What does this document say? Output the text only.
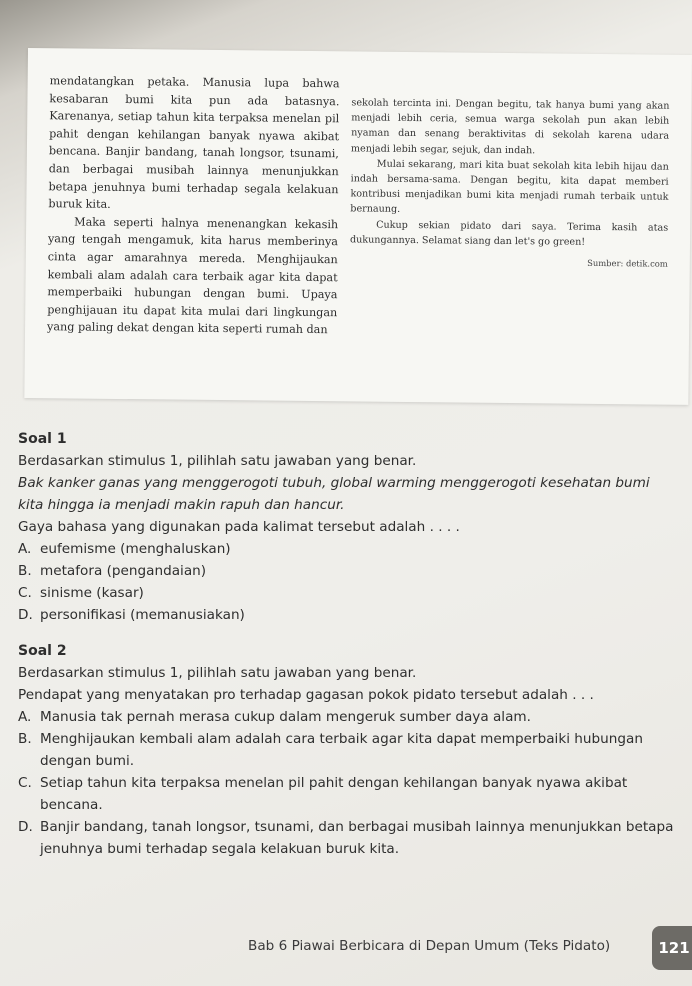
mendatangkan petaka. Manusia lupa bahwa kesabaran bumi kita pun ada batasnya. Karenanya, setiap tahun kita terpaksa menelan pil pahit dengan kehilangan banyak nyawa akibat bencana. Banjir bandang, tanah longsor, tsunami, dan berbagai musibah lainnya menunjukkan betapa jenuhnya bumi terhadap segala kelakuan buruk kita.

Maka seperti halnya menenangkan kekasih yang tengah mengamuk, kita harus memberinya cinta agar amarahnya mereda. Menghijaukan kembali alam adalah cara terbaik agar kita dapat memperbaiki hubungan dengan bumi. Upaya penghijauan itu dapat kita mulai dari lingkungan yang paling dekat dengan kita seperti rumah dan

sekolah tercinta ini. Dengan begitu, tak hanya bumi yang akan menjadi lebih ceria, semua warga sekolah pun akan lebih nyaman dan senang beraktivitas di sekolah karena udara menjadi lebih segar, sejuk, dan indah.

Mulai sekarang, mari kita buat sekolah kita lebih hijau dan indah bersama-sama. Dengan begitu, kita dapat memberi kontribusi menjadikan bumi kita menjadi rumah terbaik untuk bernaung.

Cukup sekian pidato dari saya. Terima kasih atas dukungannya. Selamat siang dan let's go green!

Sumber: detik.com

Soal 1

Berdasarkan stimulus 1, pilihlah satu jawaban yang benar.

Bak kanker ganas yang menggerogoti tubuh, global warming menggerogoti kesehatan bumi kita hingga ia menjadi makin rapuh dan hancur.

Gaya bahasa yang digunakan pada kalimat tersebut adalah . . . .

A. eufemisme (menghaluskan)
B. metafora (pengandaian)
C. sinisme (kasar)
D. personifikasi (memanusiakan)

Soal 2

Berdasarkan stimulus 1, pilihlah satu jawaban yang benar.

Pendapat yang menyatakan pro terhadap gagasan pokok pidato tersebut adalah . . .

A. Manusia tak pernah merasa cukup dalam mengeruk sumber daya alam.
B. Menghijaukan kembali alam adalah cara terbaik agar kita dapat memperbaiki hubungan dengan bumi.
C. Setiap tahun kita terpaksa menelan pil pahit dengan kehilangan banyak nyawa akibat bencana.
D. Banjir bandang, tanah longsor, tsunami, dan berbagai musibah lainnya menunjukkan betapa jenuhnya bumi terhadap segala kelakuan buruk kita.
Bab 6 Piawai Berbicara di Depan Umum (Teks Pidato)	121
